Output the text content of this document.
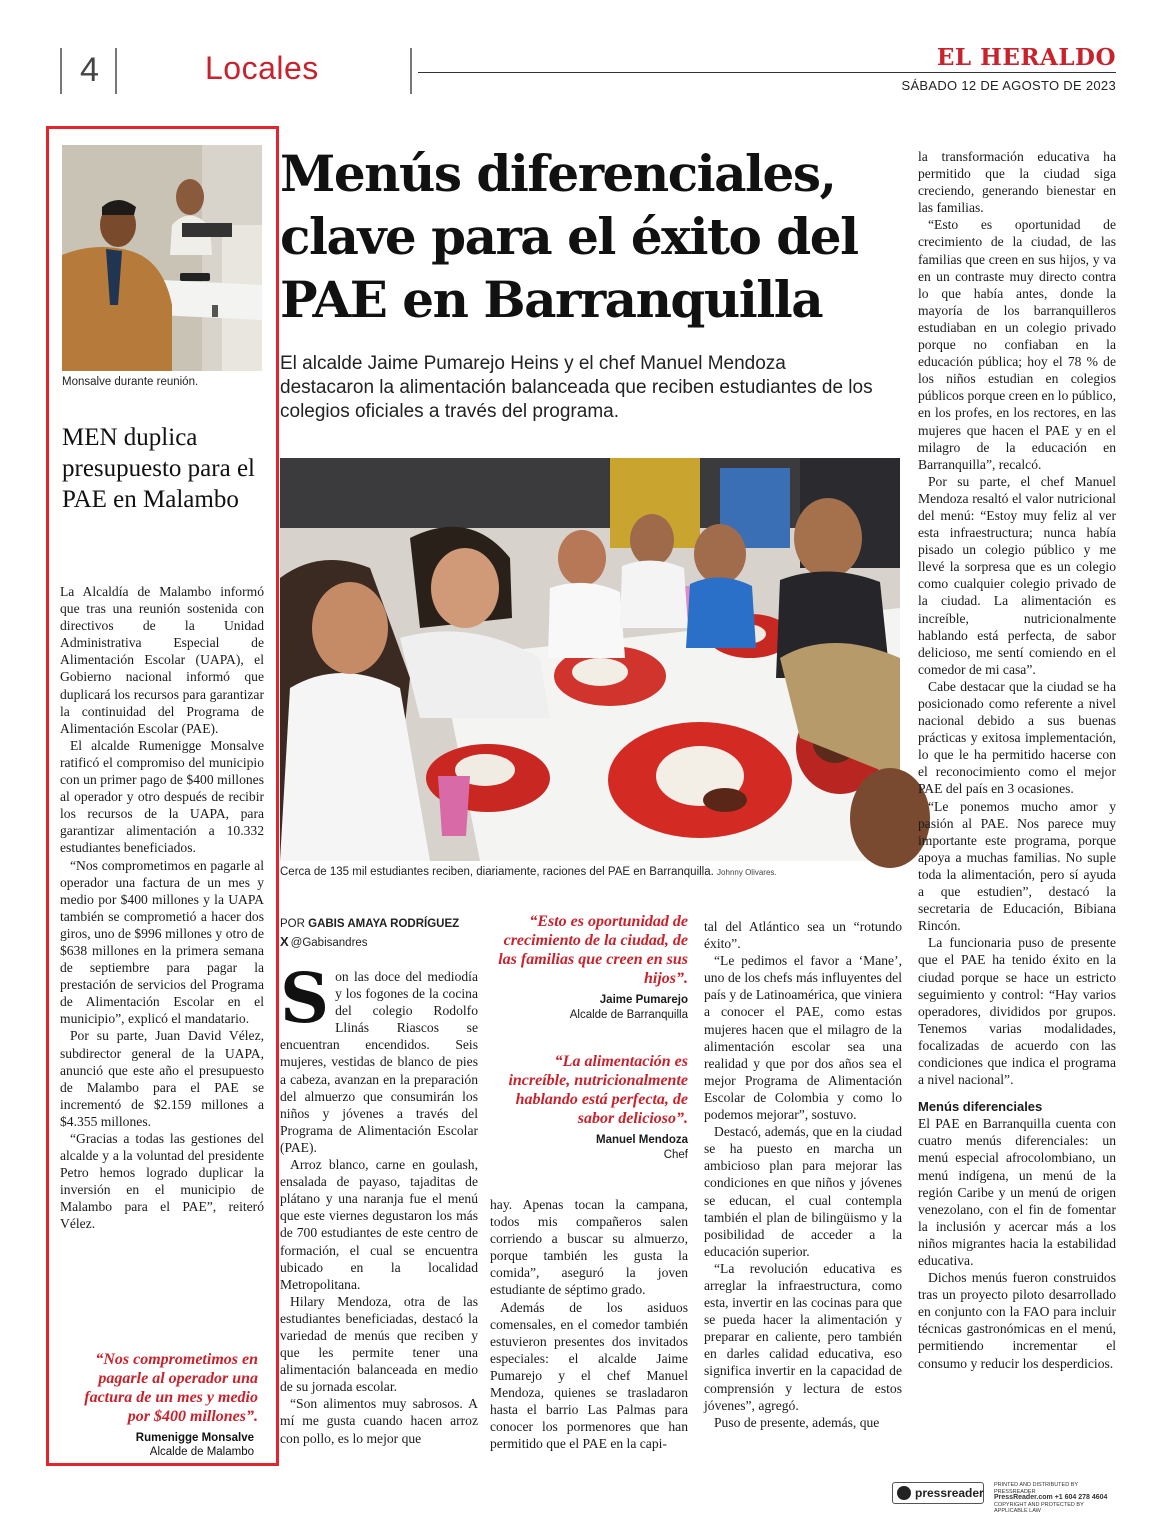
4	Locales	EL HERALDO
SÁBADO 12 DE AGOSTO DE 2023
Monsalve durante reunión.
MEN duplica presupuesto para el PAE en Malambo

La Alcaldía de Malambo informó que tras una reunión sostenida con directivos de la Unidad Administrativa Especial de Alimentación Escolar (UAPA), el Gobierno nacional informó que duplicará los recursos para garantizar la continuidad del Programa de Alimentación Escolar (PAE).

El alcalde Rumenigge Monsalve ratificó el compromiso del municipio con un primer pago de $400 millones al operador y otro después de recibir los recursos de la UAPA, para garantizar alimentación a 10.332 estudiantes beneficiados.

“Nos comprometimos en pagarle al operador una factura de un mes y medio por $400 millones y la UAPA también se comprometió a hacer dos giros, uno de $996 millones y otro de $638 millones en la primera semana de septiembre para pagar la prestación de servicios del Programa de Alimentación Escolar en el municipio”, explicó el mandatario.

Por su parte, Juan David Vélez, subdirector general de la UAPA, anunció que este año el presupuesto de Malambo para el PAE se incrementó de $2.159 millones a $4.355 millones.

“Gracias a todas las gestiones del alcalde y a la voluntad del presidente Petro hemos logrado duplicar la inversión en el municipio de Malambo para el PAE”, reiteró Vélez.

“Nos comprometimos en pagarle al operador una factura de un mes y medio por $400 millones”.
Rumenigge Monsalve
Alcalde de Malambo
Menús diferenciales, clave para el éxito del PAE en Barranquilla
El alcalde Jaime Pumarejo Heins y el chef Manuel Mendoza destacaron la alimentación balanceada que reciben estudiantes de los colegios oficiales a través del programa.
Cerca de 135 mil estudiantes reciben, diariamente, raciones del PAE en Barranquilla. Johnny Olivares.
POR GABIS AMAYA RODRÍGUEZ
X @Gabisandres

Son las doce del mediodía y los fogones de la cocina del colegio Rodolfo Llinás Riascos se encuentran encendidos. Seis mujeres, vestidas de blanco de pies a cabeza, avanzan en la preparación del almuerzo que consumirán los niños y jóvenes a través del Programa de Alimentación Escolar (PAE).

Arroz blanco, carne en goulash, ensalada de payaso, tajaditas de plátano y una naranja fue el menú que este viernes degustaron los más de 700 estudiantes de este centro de formación, el cual se encuentra ubicado en la localidad Metropolitana.

Hilary Mendoza, otra de las estudiantes beneficiadas, destacó la variedad de menús que reciben y que les permite tener una alimentación balanceada en medio de su jornada escolar.

“Son alimentos muy sabrosos. A mí me gusta cuando hacen arroz con pollo, es lo mejor que

“Esto es oportunidad de crecimiento de la ciudad, de las familias que creen en sus hijos”.
Jaime Pumarejo
Alcalde de Barranquilla
“La alimentación es increíble, nutricionalmente hablando está perfecta, de sabor delicioso”.
Manuel Mendoza
Chef

hay. Apenas tocan la campana, todos mis compañeros salen corriendo a buscar su almuerzo, porque también les gusta la comida”, aseguró la joven estudiante de séptimo grado.

Además de los asiduos comensales, en el comedor también estuvieron presentes dos invitados especiales: el alcalde Jaime Pumarejo y el chef Manuel Mendoza, quienes se trasladaron hasta el barrio Las Palmas para conocer los pormenores que han permitido que el PAE en la capi-

tal del Atlántico sea un “rotundo éxito”.

“Le pedimos el favor a ‘Mane’, uno de los chefs más influyentes del país y de Latinoamérica, que viniera a conocer el PAE, como estas mujeres hacen que el milagro de la alimentación escolar sea una realidad y que por dos años sea el mejor Programa de Alimentación Escolar de Colombia y como lo podemos mejorar”, sostuvo.

Destacó, además, que en la ciudad se ha puesto en marcha un ambicioso plan para mejorar las condiciones en que niños y jóvenes se educan, el cual contempla también el plan de bilingüismo y la posibilidad de acceder a la educación superior.

“La revolución educativa es arreglar la infraestructura, como esta, invertir en las cocinas para que se pueda hacer la alimentación y preparar en caliente, pero también en darles calidad educativa, eso significa invertir en la capacidad de comprensión y lectura de estos jóvenes”, agregó.

Puso de presente, además, que

la transformación educativa ha permitido que la ciudad siga creciendo, generando bienestar en las familias.

“Esto es oportunidad de crecimiento de la ciudad, de las familias que creen en sus hijos, y va en un contraste muy directo contra lo que había antes, donde la mayoría de los barranquilleros estudiaban en un colegio privado porque no confiaban en la educación pública; hoy el 78 % de los niños estudian en colegios públicos porque creen en lo público, en los profes, en los rectores, en las mujeres que hacen el PAE y en el milagro de la educación en Barranquilla”, recalcó.

Por su parte, el chef Manuel Mendoza resaltó el valor nutricional del menú: “Estoy muy feliz al ver esta infraestructura; nunca había pisado un colegio público y me llevé la sorpresa que es un colegio como cualquier colegio privado de la ciudad. La alimentación es increíble, nutricionalmente hablando está perfecta, de sabor delicioso, me sentí comiendo en el comedor de mi casa”.

Cabe destacar que la ciudad se ha posicionado como referente a nivel nacional debido a sus buenas prácticas y exitosa implementación, lo que le ha permitido hacerse con el reconocimiento como el mejor PAE del país en 3 ocasiones.

“Le ponemos mucho amor y pasión al PAE. Nos parece muy importante este programa, porque apoya a muchas familias. No suple toda la alimentación, pero sí ayuda a que estudien”, destacó la secretaria de Educación, Bibiana Rincón.

La funcionaria puso de presente que el PAE ha tenido éxito en la ciudad porque se hace un estricto seguimiento y control: “Hay varios operadores, divididos por grupos. Tenemos varias modalidades, focalizadas de acuerdo con las condiciones que indica el programa a nivel nacional”.

Menús diferenciales

El PAE en Barranquilla cuenta con cuatro menús diferenciales: un menú especial afrocolombiano, un menú indígena, un menú de la región Caribe y un menú de origen venezolano, con el fin de fomentar la inclusión y acercar más a los niños migrantes hacia la estabilidad educativa.

Dichos menús fueron construidos tras un proyecto piloto desarrollado en conjunto con la FAO para incluir técnicas gastronómicas en el menú, permitiendo incrementar el consumo y reducir los desperdicios.

pressreader
PRINTED AND DISTRIBUTED BY PRESSREADER
PressReader.com +1 604 278 4604
COPYRIGHT AND PROTECTED BY APPLICABLE LAW
